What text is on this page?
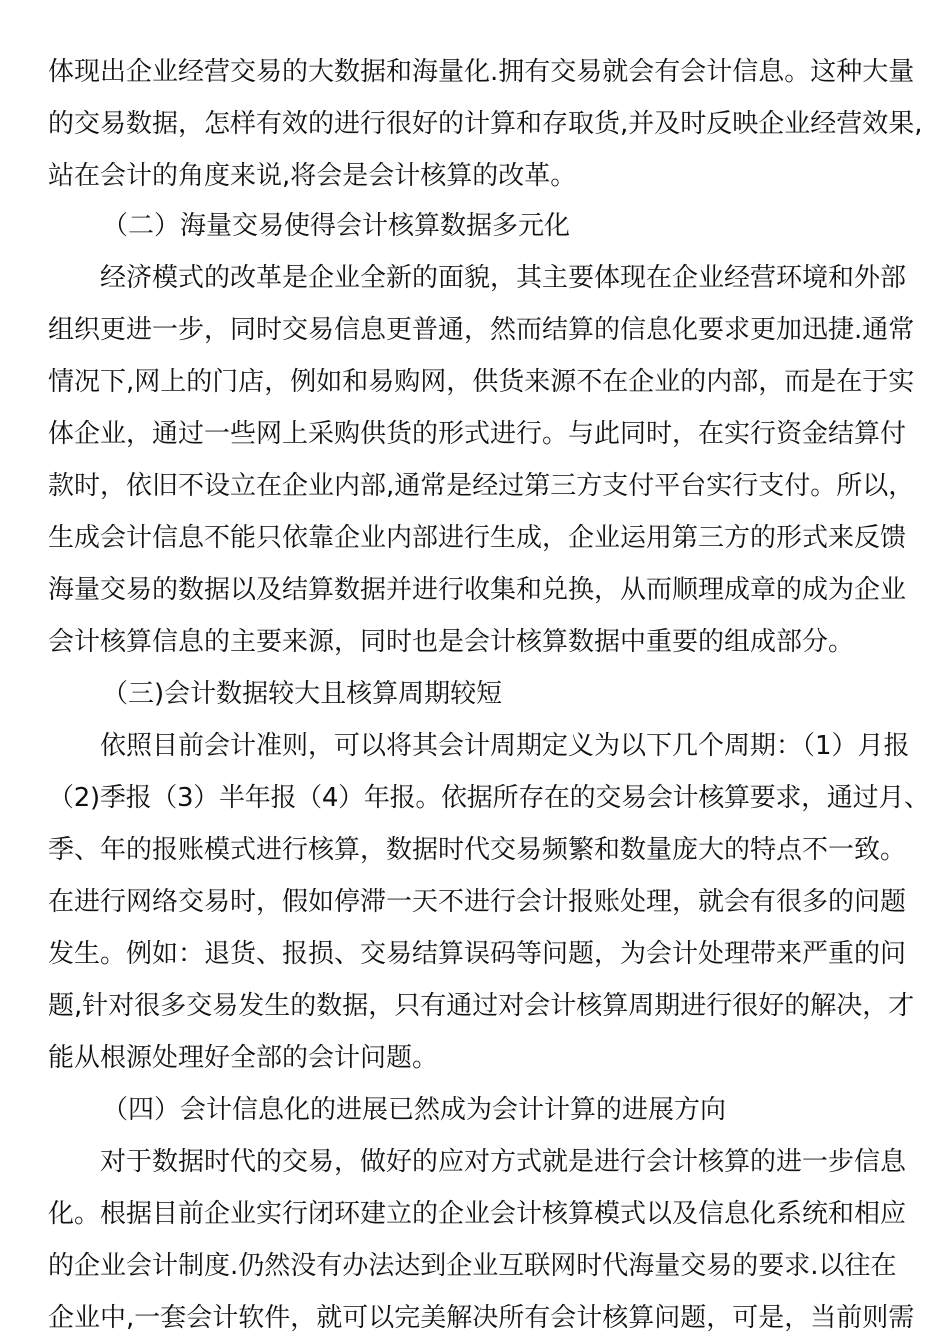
体现出企业经营交易的大数据和海量化.拥有交易就会有会计信息。这种大量
的交易数据，怎样有效的进行很好的计算和存取货,并及时反映企业经营效果,
站在会计的角度来说,将会是会计核算的改革。
（二）海量交易使得会计核算数据多元化
经济模式的改革是企业全新的面貌，其主要体现在企业经营环境和外部
组织更进一步，同时交易信息更普通，然而结算的信息化要求更加迅捷.通常
情况下,网上的门店，例如和易购网，供货来源不在企业的内部，而是在于实
体企业，通过一些网上采购供货的形式进行。与此同时，在实行资金结算付
款时，依旧不设立在企业内部,通常是经过第三方支付平台实行支付。所以，
生成会计信息不能只依靠企业内部进行生成，企业运用第三方的形式来反馈
海量交易的数据以及结算数据并进行收集和兑换，从而顺理成章的成为企业
会计核算信息的主要来源，同时也是会计核算数据中重要的组成部分。
（三)会计数据较大且核算周期较短
依照目前会计准则，可以将其会计周期定义为以下几个周期：（1）月报
（2)季报（3）半年报（4）年报。依据所存在的交易会计核算要求，通过月、
季、年的报账模式进行核算，数据时代交易频繁和数量庞大的特点不一致。
在进行网络交易时，假如停滞一天不进行会计报账处理，就会有很多的问题
发生。例如：退货、报损、交易结算误码等问题，为会计处理带来严重的问
题,针对很多交易发生的数据，只有通过对会计核算周期进行很好的解决，才
能从根源处理好全部的会计问题。
（四）会计信息化的进展已然成为会计计算的进展方向
对于数据时代的交易，做好的应对方式就是进行会计核算的进一步信息
化。根据目前企业实行闭环建立的企业会计核算模式以及信息化系统和相应
的企业会计制度.仍然没有办法达到企业互联网时代海量交易的要求.以往在
企业中,一套会计软件，就可以完美解决所有会计核算问题，可是，当前则需
